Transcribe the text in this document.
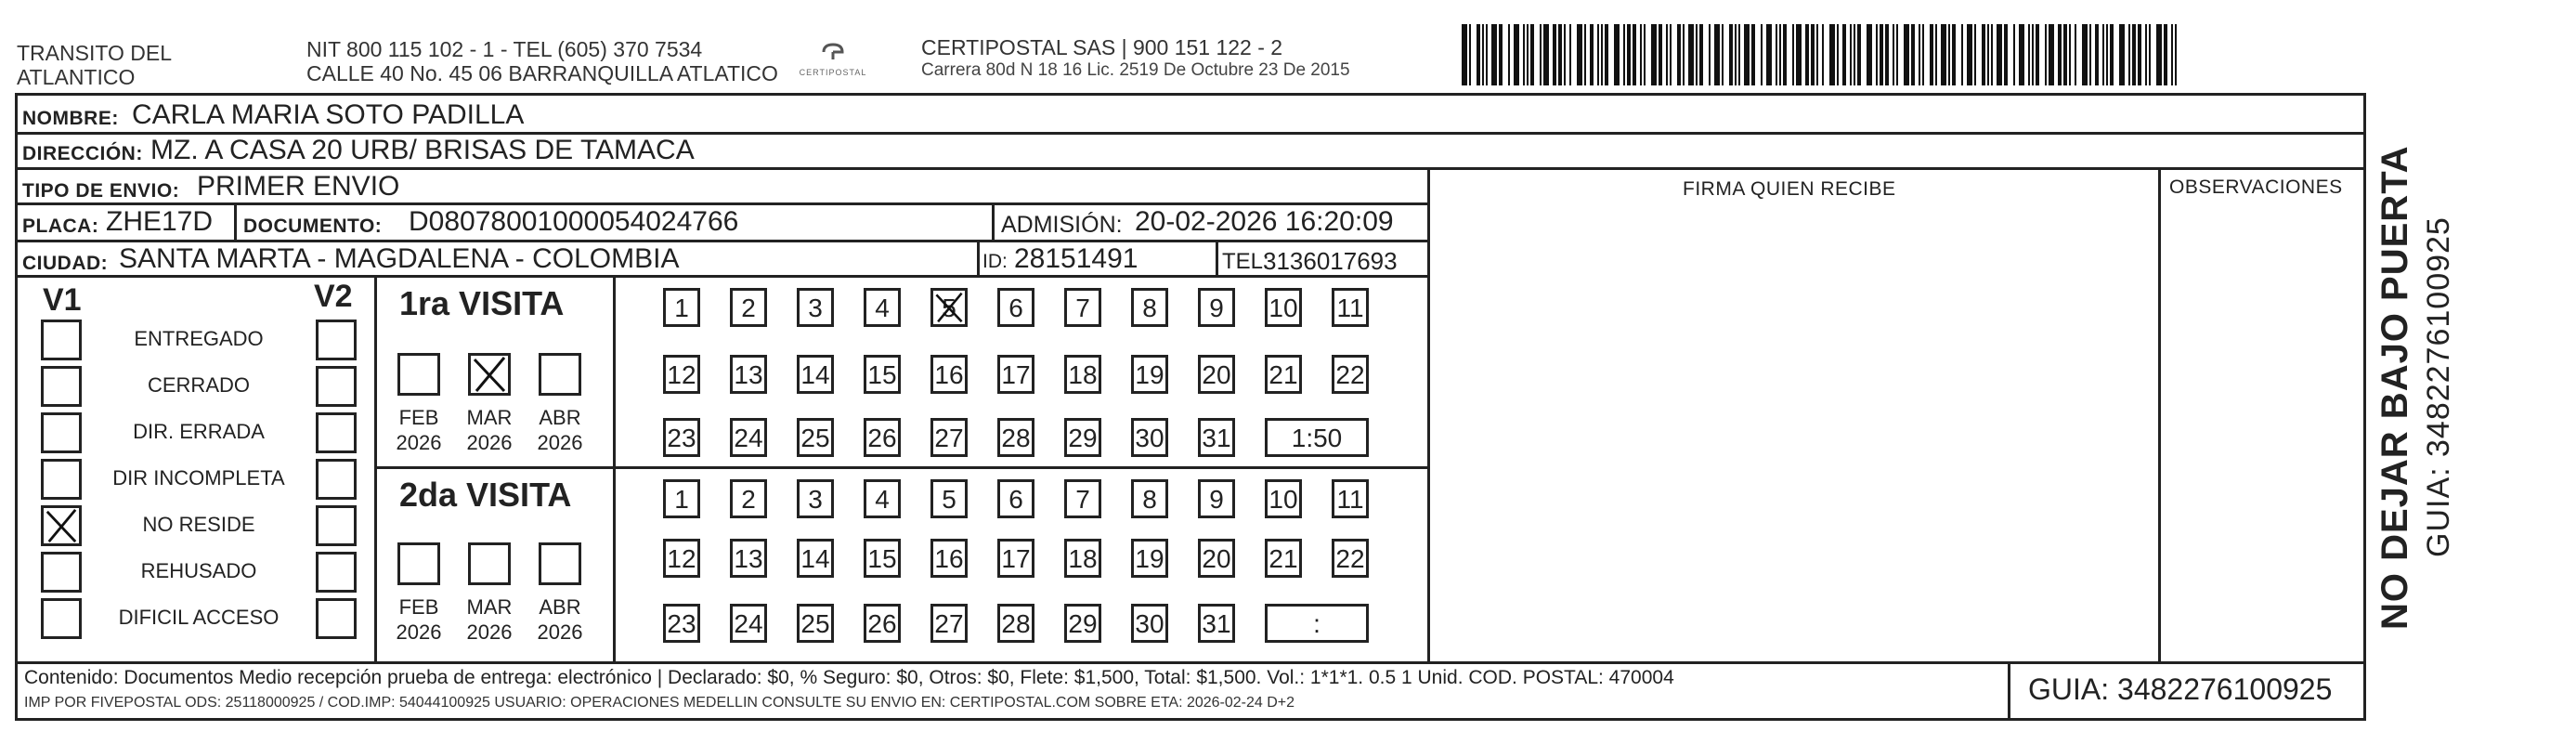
TRANSITO DEL
ATLANTICO
NIT 800 115 102 - 1 - TEL (605) 370 7534
CALLE 40 No. 45 06 BARRANQUILLA ATLATICO	CERTIPOSTAL
CERTIPOSTAL SAS | 900 151 122 - 2
Carrera 80d N 18 16 Lic. 2519 De Octubre 23 De 2015
NOMBRE: CARLA MARIA SOTO PADILLA
DIRECCIÓN: MZ. A CASA 20 URB/ BRISAS DE TAMACA
TIPO DE ENVIO: PRIMER ENVIO	FIRMA QUIEN RECIBE	OBSERVACIONES
PLACA: ZHE17D DOCUMENTO: D08078001000054024766	ADMISIÓN: 20-02-2026 16:20:09
CIUDAD: SANTA MARTA - MAGDALENA - COLOMBIA	ID: 28151491	TEL:
3136017693
V1	V2
ENTREGADO
CERRADO
DIR. ERRADA
DIR INCOMPLETA
NO RESIDE
REHUSADO
DIFICIL ACCESO
1ra VISITA
FEB
2026
MAR
2026
ABR
2026
1	2	3	4	5	6	7	8	9	10 11
12 13 14 15 16 17 18 19 20 21 22
23 24 25 26 27 28 29 30 31	1:50
2da VISITA
FEB
2026
MAR
2026
ABR
2026
1	2	3	4	5	6	7	8	9	10 11
12 13 14 15 16 17 18 19 20 21 22
23 24 25 26 27 28 29 30 31	:
Contenido: Documentos Medio recepción prueba de entrega: electrónico | Declarado: $0, % Seguro: $0, Otros: $0, Flete: $1,500, Total: $1,500. Vol.: 1*1*1. 0.5 1 Unid. COD. POSTAL: 470004
IMP POR FIVEPOSTAL ODS: 25118000925 / COD.IMP: 54044100925 USUARIO: OPERACIONES MEDELLIN CONSULTE SU ENVIO EN: CERTIPOSTAL.COM SOBRE ETA: 2026-02-24 D+2	GUIA: 3482276100925
NO DEJAR BAJO PUERTA GUIA: 3482276100925
